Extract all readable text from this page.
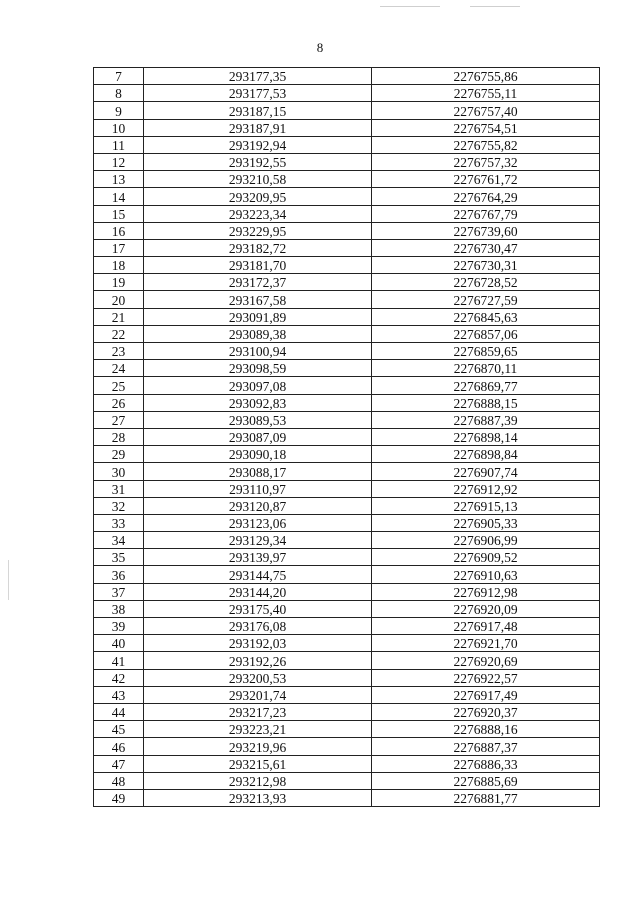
8
7	293177,35	2276755,86
8	293177,53	2276755,11
9	293187,15	2276757,40
10	293187,91	2276754,51
11	293192,94	2276755,82
12	293192,55	2276757,32
13	293210,58	2276761,72
14	293209,95	2276764,29
15	293223,34	2276767,79
16	293229,95	2276739,60
17	293182,72	2276730,47
18	293181,70	2276730,31
19	293172,37	2276728,52
20	293167,58	2276727,59
21	293091,89	2276845,63
22	293089,38	2276857,06
23	293100,94	2276859,65
24	293098,59	2276870,11
25	293097,08	2276869,77
26	293092,83	2276888,15
27	293089,53	2276887,39
28	293087,09	2276898,14
29	293090,18	2276898,84
30	293088,17	2276907,74
31	293110,97	2276912,92
32	293120,87	2276915,13
33	293123,06	2276905,33
34	293129,34	2276906,99
35	293139,97	2276909,52
36	293144,75	2276910,63
37	293144,20	2276912,98
38	293175,40	2276920,09
39	293176,08	2276917,48
40	293192,03	2276921,70
41	293192,26	2276920,69
42	293200,53	2276922,57
43	293201,74	2276917,49
44	293217,23	2276920,37
45	293223,21	2276888,16
46	293219,96	2276887,37
47	293215,61	2276886,33
48	293212,98	2276885,69
49	293213,93	2276881,77
